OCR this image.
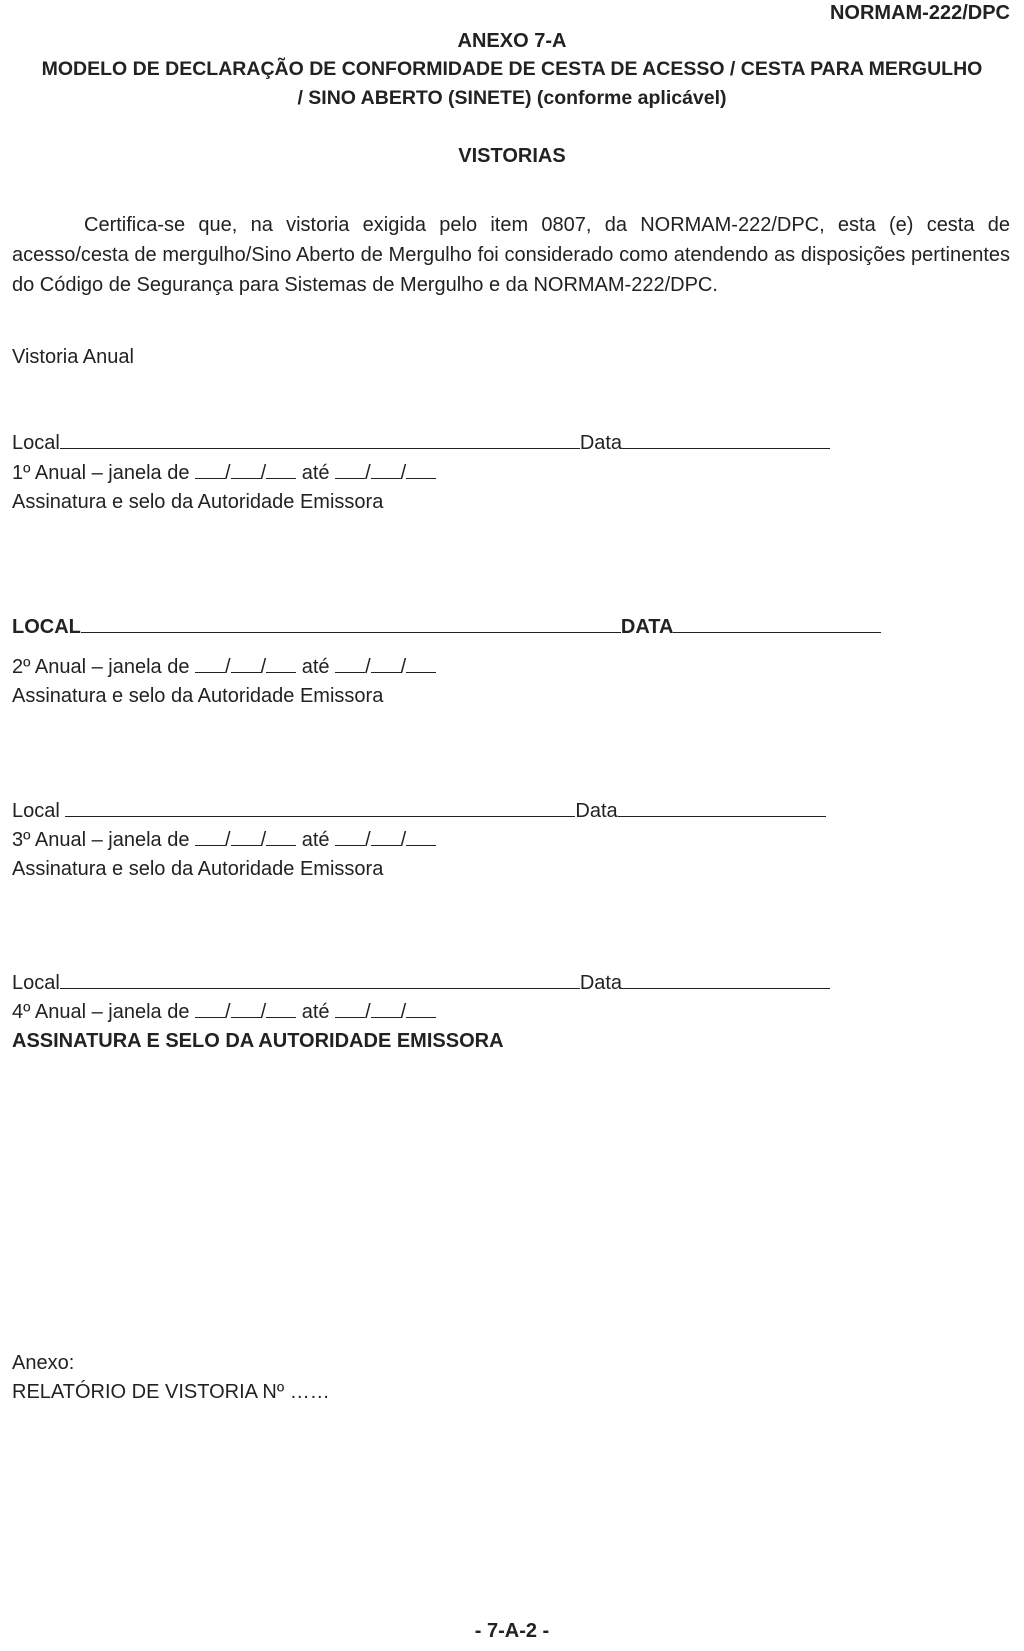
NORMAM-222/DPC
ANEXO 7-A
MODELO DE DECLARAÇÃO DE CONFORMIDADE DE CESTA DE ACESSO / CESTA PARA MERGULHO
/ SINO ABERTO (SINETE) (conforme aplicável)
VISTORIAS

Certifica-se que, na vistoria exigida pelo item 0807, da NORMAM-222/DPC, esta (e) cesta de acesso/cesta de mergulho/Sino Aberto de Mergulho foi considerado como atendendo as disposições pertinentes do Código de Segurança para Sistemas de Mergulho e da NORMAM-222/DPC.

Vistoria Anual
Local	Data
1º Anual – janela de / / até / /
Assinatura e selo da Autoridade Emissora
LOCAL	DATA
2º Anual – janela de / / até / /
Assinatura e selo da Autoridade Emissora
Local	Data
3º Anual – janela de / / até / /
Assinatura e selo da Autoridade Emissora
Local	Data
4º Anual – janela de / / até / /
ASSINATURA E SELO DA AUTORIDADE EMISSORA
Anexo:
RELATÓRIO DE VISTORIA Nº ……
- 7-A-2 -
